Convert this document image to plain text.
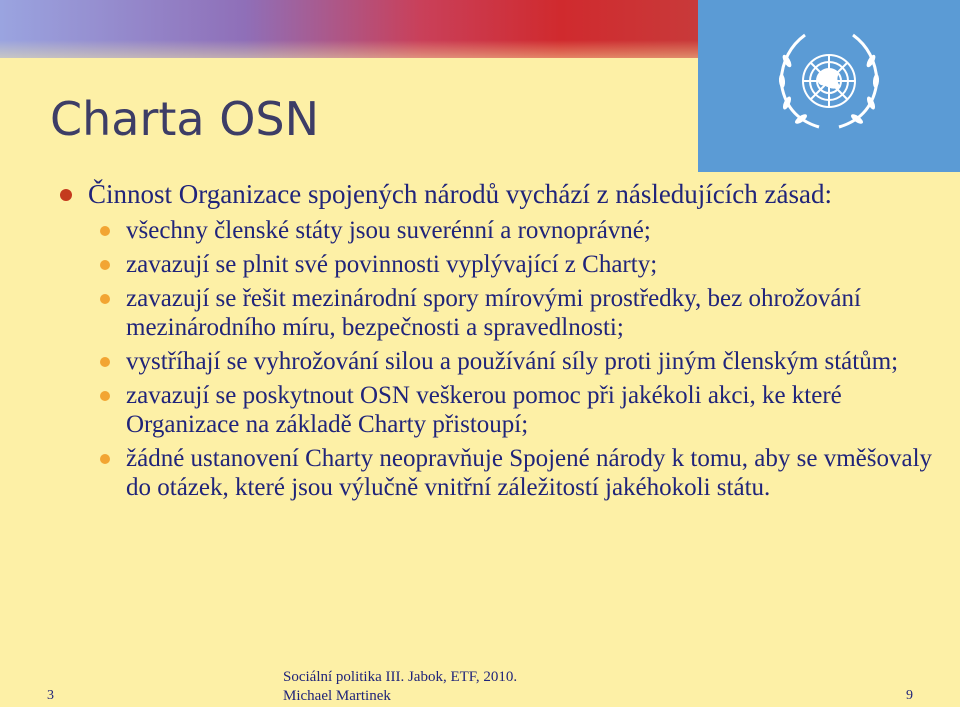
Charta OSN
Činnost Organizace spojených národů vychází z následujících zásad:
všechny členské státy jsou suverénní a rovnoprávné;
zavazují se plnit své povinnosti vyplývající z Charty;
zavazují se řešit mezinárodní spory mírovými prostředky, bez ohrožování mezinárodního míru, bezpečnosti a spravedlnosti;
vystříhají se vyhrožování silou a používání síly proti jiným členským státům;
zavazují se poskytnout OSN veškerou pomoc při jakékoli akci, ke které Organizace na základě Charty přistoupí;
žádné ustanovení Charty neopravňuje Spojené národy k tomu, aby se vměšovaly do otázek, které jsou výlučně vnitřní záležitostí jakéhokoli státu.
3
Sociální politika III. Jabok, ETF, 2010.
Michael Martinek	9
